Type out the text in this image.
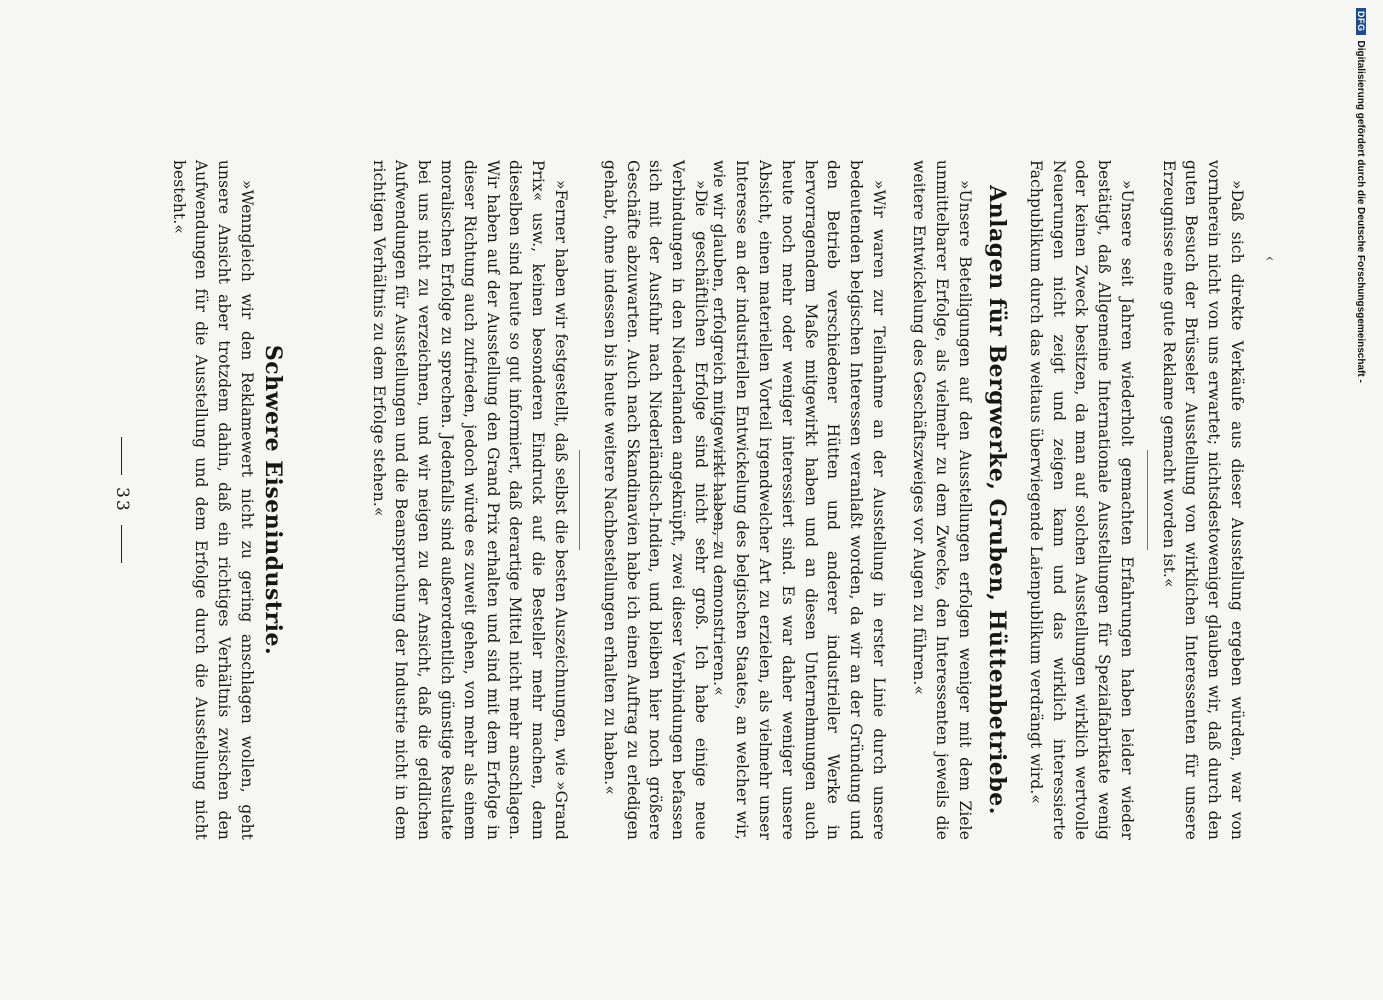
»Daß sich direkte Verkäufe aus dieser Ausstellung ergeben würden, war von vornherein nicht von uns erwartet; nichtsdestoweniger glauben wir, daß durch den guten Besuch der Brüsseler Ausstellung von wirklichen Interessenten für unsere Erzeugnisse eine gute Reklame gemacht worden ist.«

»Unsere seit Jahren wiederholt gemachten Erfahrungen haben leider wieder bestätigt, daß Allgemeine Internationale Ausstellungen für Spezialfabrikate wenig oder keinen Zweck besitzen, da man auf solchen Ausstellungen wirklich wertvolle Neuerungen nicht zeigt und zeigen kann und das wirklich interessierte Fachpublikum durch das weitaus überwiegende Laienpublikum verdrängt wird.«

Anlagen für Bergwerke, Gruben, Hüttenbetriebe.

»Unsere Beteiligungen auf den Ausstellungen erfolgen weniger mit dem Ziele unmittelbarer Erfolge, als vielmehr zu dem Zwecke, den Interessenten jeweils die weitere Entwickelung des Geschäftszweiges vor Augen zu führen.«

»Wir waren zur Teilnahme an der Ausstellung in erster Linie durch unsere bedeutenden belgischen Interessen veranlaßt worden, da wir an der Gründung und den Betrieb verschiedener Hütten und anderer industrieller Werke in hervorragendem Maße mitgewirkt haben und an diesen Unternehmungen auch heute noch mehr oder weniger interessiert sind. Es war daher weniger unsere Absicht, einen materiellen Vorteil irgendwelcher Art zu erzielen, als vielmehr unser Interesse an der industriellen Entwickelung des belgischen Staates, an welcher wir, wie wir glauben, erfolgreich mitgewirkt haben, zu demonstrieren.«

»Die geschäftlichen Erfolge sind nicht sehr groß. Ich habe einige neue Verbindungen in den Niederlanden angeknüpft, zwei dieser Verbindungen befassen sich mit der Ausfuhr nach Niederländisch-Indien, und bleiben hier noch größere Geschäfte abzuwarten. Auch nach Skandinavien habe ich einen Auftrag zu erledigen gehabt, ohne indessen bis heute weitere Nachbestellungen erhalten zu haben.«

»Ferner haben wir festgestellt, daß selbst die besten Auszeichnungen, wie »Grand Prix« usw., keinen besonderen Eindruck auf die Besteller mehr machen, denn dieselben sind heute so gut informiert, daß derartige Mittel nicht mehr anschlagen. Wir haben auf der Ausstellung den Grand Prix erhalten und sind mit dem Erfolge in dieser Richtung auch zufrieden, jedoch würde es zuweit gehen, von mehr als einem moralischen Erfolge zu sprechen. Jedenfalls sind außerordentlich günstige Resultate bei uns nicht zu verzeichnen, und wir neigen zu der Ansicht, daß die geldlichen Aufwendungen für Ausstellungen und die Beanspruchung der Industrie nicht in dem richtigen Verhältnis zu dem Erfolge stehen.«

Schwere Eisenindustrie.

»Wenngleich wir den Reklamewert nicht zu gering anschlagen wollen, geht unsere Ansicht aber trotzdem dahin, daß ein richtiges Verhältnis zwischen den Aufwendungen für die Ausstellung und dem Erfolge durch die Ausstellung nicht besteht.«

33
^
DFG
Digitalisierung gefördert durch die Deutsche Forschungsgemeinschaft -
